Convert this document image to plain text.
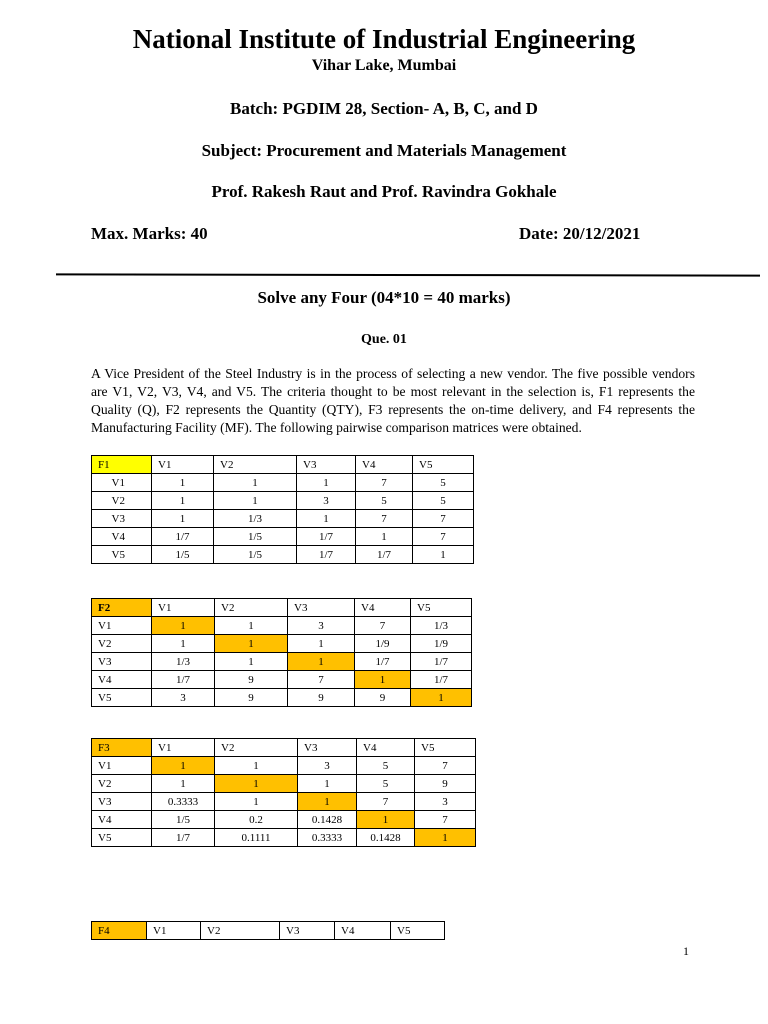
National Institute of Industrial Engineering
Vihar Lake, Mumbai
Batch: PGDIM 28, Section- A, B, C, and D
Subject: Procurement and Materials Management
Prof. Rakesh Raut and Prof. Ravindra Gokhale
Max. Marks: 40	Date: 20/12/2021
Solve any Four (04*10 = 40 marks)
Que. 01

A Vice President of the Steel Industry is in the process of selecting a new vendor. The five possible vendors are V1, V2, V3, V4, and V5. The criteria thought to be most relevant in the selection is, F1 represents the Quality (Q), F2 represents the Quantity (QTY), F3 represents the on-time delivery, and F4 represents the Manufacturing Facility (MF). The following pairwise comparison matrices were obtained.

F1	V1	V2	V3	V4	V5
V1	1	1	1	7	5
V2	1	1	3	5	5
V3	1	1/3	1	7	7
V4	1/7	1/5	1/7	1	7
V5	1/5	1/5	1/7	1/7	1
F2	V1	V2	V3	V4	V5
V1	1	1	3	7	1/3
V2	1	1	1	1/9	1/9
V3	1/3	1	1	1/7	1/7
V4	1/7	9	7	1	1/7
V5	3	9	9	9	1
F3	V1	V2	V3	V4	V5
V1	1	1	3	5	7
V2	1	1	1	5	9
V3	0.3333	1	1	7	3
V4	1/5	0.2	0.1428	1	7
V5	1/7	0.1111	0.3333	0.1428	1
F4	V1	V2	V3	V4	V5
1
